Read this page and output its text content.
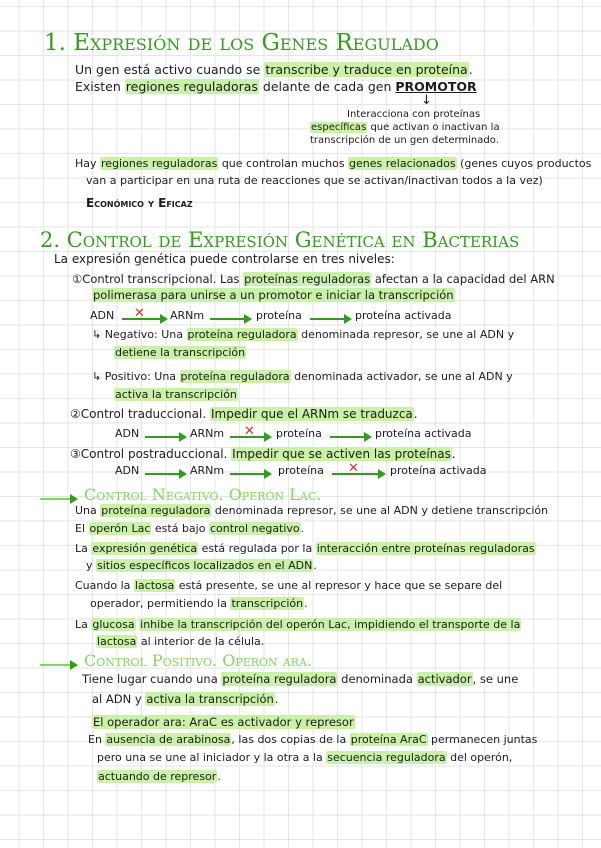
1. Expresión de los Genes Regulado
Un gen está activo cuando se transcribe y traduce en proteína.
Existen regiones reguladoras delante de cada gen PROMOTOR
↓
Interacciona con proteínas
específicas que activan o inactivan la
transcripción de un gen determinado.
Hay regiones reguladoras que controlan muchos genes relacionados (genes cuyos productos
van a participar en una ruta de reacciones que se activan/inactivan todos a la vez)
Económico y Eficaz
2. Control de Expresión Genética en Bacterias
La expresión genética puede controlarse en tres niveles:
①Control transcripcional. Las proteínas reguladoras afectan a la capacidad del ARN
polimerasa para unirse a un promotor e iniciar la transcripción
ADN ✕ ARNm	proteína	proteína activada
↳ Negativo: Una proteína reguladora denominada represor, se une al ADN y
detiene la transcripción
↳ Positivo: Una proteína reguladora denominada activador, se une al ADN y
activa la transcripción
②Control traduccional. Impedir que el ARNm se traduzca.
ADN	ARNm ✕ proteína	proteína activada
③Control postraduccional. Impedir que se activen las proteínas.
ADN	ARNm	proteína ✕	proteína activada
Control Negativo. Operón Lac.
Una proteína reguladora denominada represor, se une al ADN y detiene transcripción
El operón Lac está bajo control negativo.
La expresión genética está regulada por la interacción entre proteínas reguladoras
y sitios específicos localizados en el ADN.
Cuando la lactosa está presente, se une al represor y hace que se separe del
operador, permitiendo la transcripción.
La glucosa inhibe la transcripción del operón Lac, impidiendo el transporte de la
lactosa al interior de la célula.
Control Positivo. Operón ara.
Tiene lugar cuando una proteína reguladora denominada activador, se une
al ADN y activa la transcripción.
El operador ara: AraC es activador y represor
En ausencia de arabinosa, las dos copias de la proteína AraC permanecen juntas
pero una se une al iniciador y la otra a la secuencia reguladora del operón,
actuando de represor.
